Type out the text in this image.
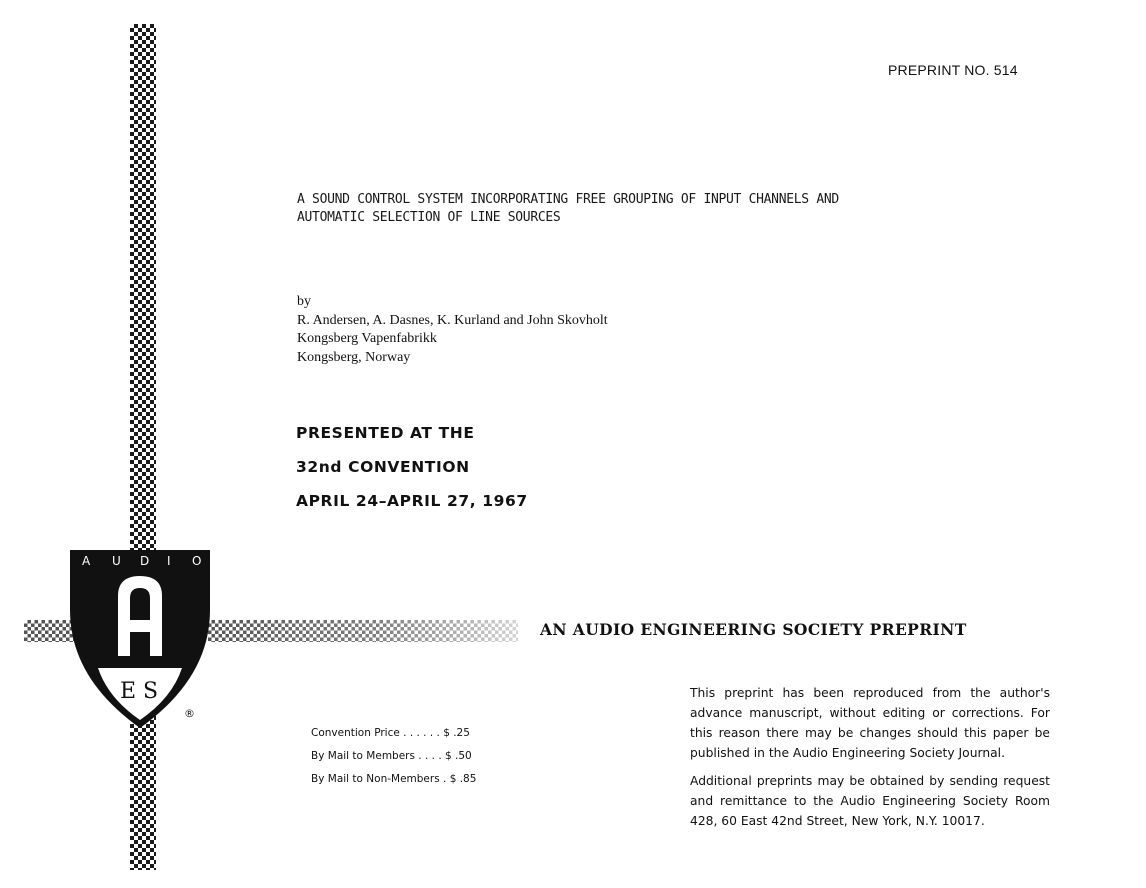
PREPRINT NO. 514
A SOUND CONTROL SYSTEM INCORPORATING FREE GROUPING OF INPUT CHANNELS AND
AUTOMATIC SELECTION OF LINE SOURCES
by
R. Andersen, A. Dasnes, K. Kurland and John Skovholt
Kongsberg Vapenfabrikk
Kongsberg, Norway
PRESENTED AT THE
32nd CONVENTION
APRIL 24–APRIL 27, 1967
A U D I O
E S
®
AN AUDIO ENGINEERING SOCIETY PREPRINT
Convention Price . . . . . . $ .25
By Mail to Members . . . . $ .50
By Mail to Non-Members . $ .85

This preprint has been reproduced from the author's advance manuscript, without editing or corrections. For this reason there may be changes should this paper be published in the Audio Engineering Society Journal.

Additional preprints may be obtained by sending request and remittance to the Audio Engineering Society Room 428, 60 East 42nd Street, New York, N.Y. 10017.
